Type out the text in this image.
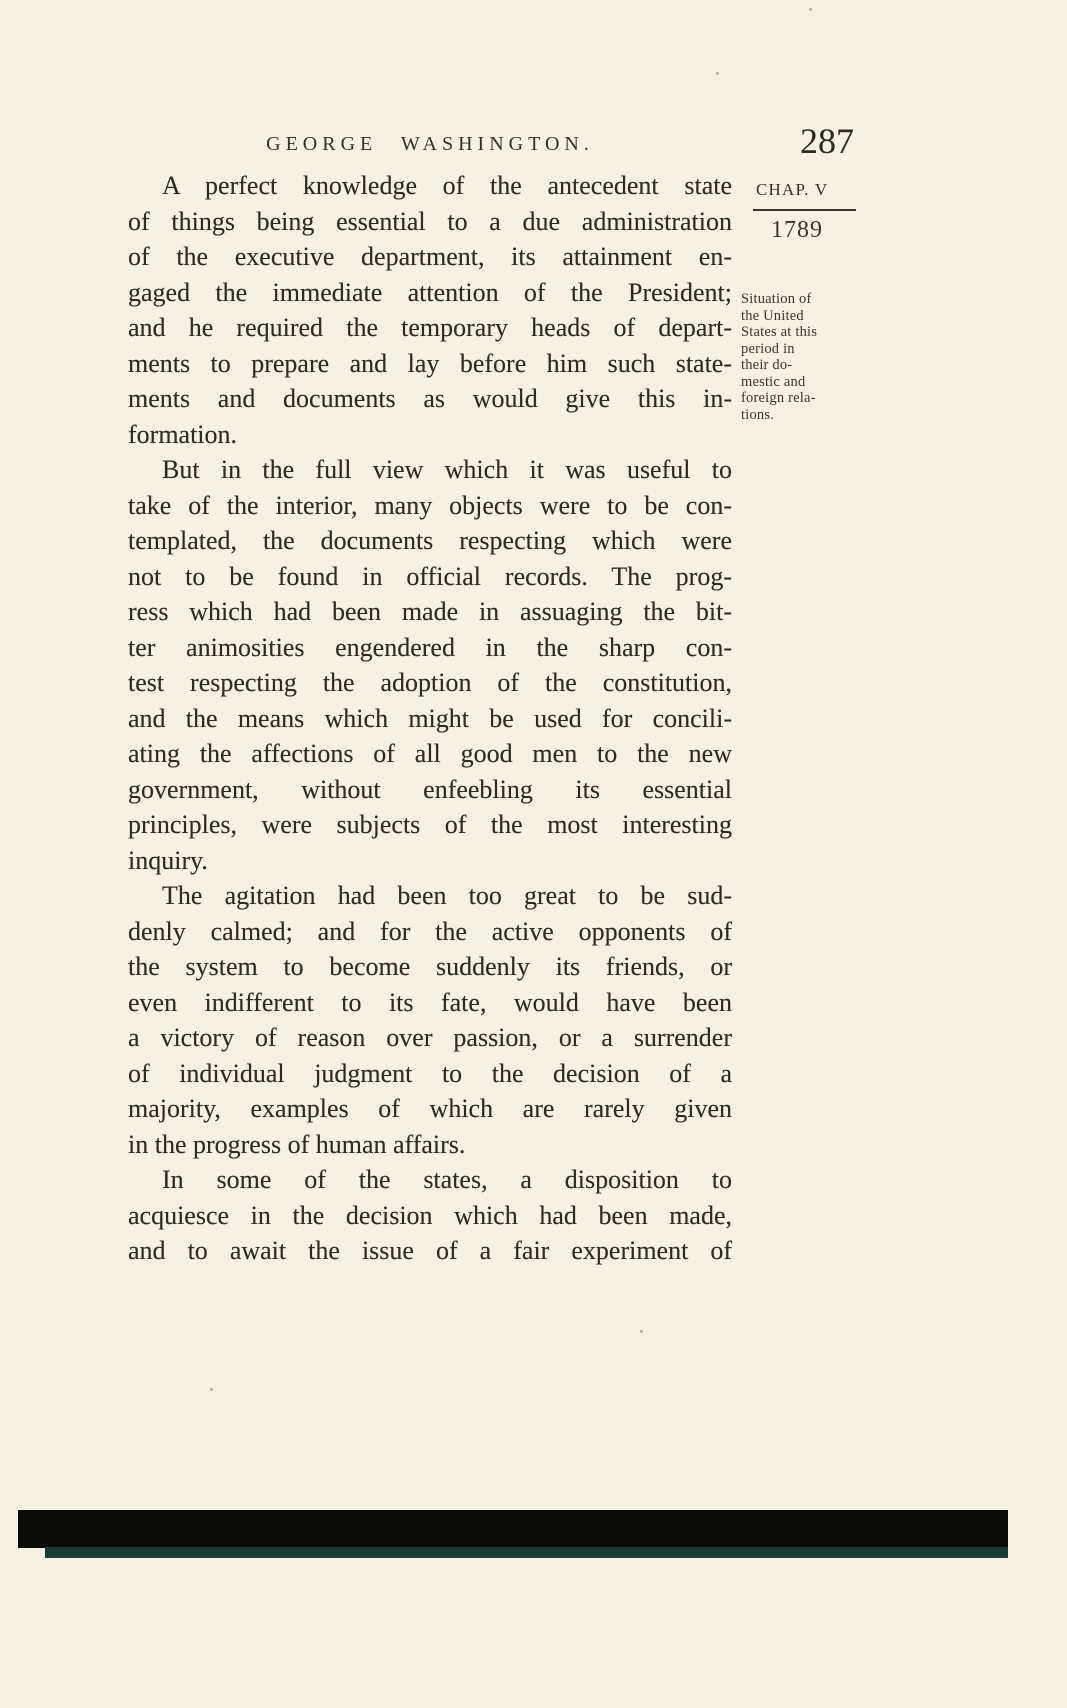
GEORGE WASHINGTON.	287

A perfect knowledge of the antecedent state
of things being essential to a due administration
of the executive department, its attainment en-
gaged the immediate attention of the President;
and he required the temporary heads of depart-
ments to prepare and lay before him such state-
ments and documents as would give this in-
formation.

But in the full view which it was useful to
take of the interior, many objects were to be con-
templated, the documents respecting which were
not to be found in official records. The prog-
ress which had been made in assuaging the bit-
ter animosities engendered in the sharp con-
test respecting the adoption of the constitution,
and the means which might be used for concili-
ating the affections of all good men to the new
government, without enfeebling its essential
principles, were subjects of the most interesting
inquiry.

The agitation had been too great to be sud-
denly calmed; and for the active opponents of
the system to become suddenly its friends, or
even indifferent to its fate, would have been
a victory of reason over passion, or a surrender
of individual judgment to the decision of a
majority, examples of which are rarely given
in the progress of human affairs.

In some of the states, a disposition to
acquiesce in the decision which had been made,
and to await the issue of a fair experiment of

CHAP. V
1789
Situation of
the United
States at this
period in
their do-
mestic and
foreign rela-
tions.
